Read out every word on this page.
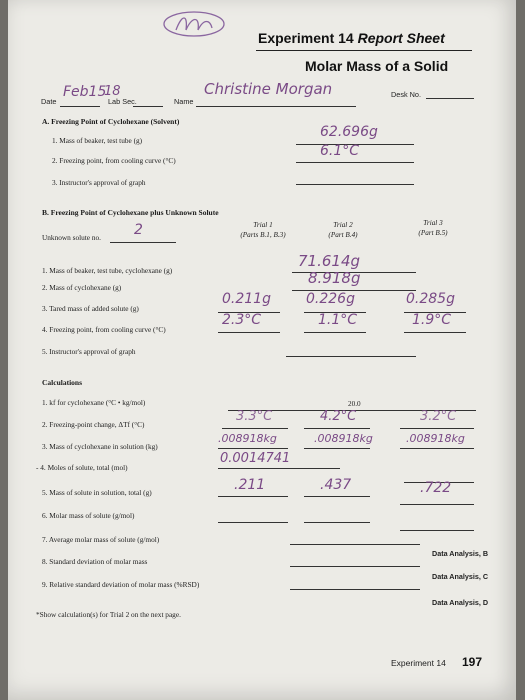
Experiment 14 Report Sheet
Molar Mass of a Solid
Date
Feb15
18
Lab Sec.	Name
Christine Morgan	Desk No.
A. Freezing Point of Cyclohexane (Solvent)
1. Mass of beaker, test tube (g)
62.696g
2. Freezing point, from cooling curve (°C)
6.1°C
3. Instructor's approval of graph
B. Freezing Point of Cyclohexane plus Unknown Solute
Unknown solute no. 2	Trial 1
(Parts B.1, B.3)
Trial 2
(Part B.4)
Trial 3
(Part B.5)
1. Mass of beaker, test tube, cyclohexane (g)
71.614g
2. Mass of cyclohexane (g)
8.918g
3. Tared mass of added solute (g)
0.211g	0.226g	0.285g
4. Freezing point, from cooling curve (°C)
2.3°C	1.1°C	1.9°C
5. Instructor's approval of graph
Calculations
1. kf for cyclohexane (°C • kg/mol)	20.0
2. Freezing-point change, ΔTf (°C)
3.3°C	4.2°C	3.2°C
3. Mass of cyclohexane in solution (kg)
.008918kg	.008918kg	.008918kg
- 4. Moles of solute, total (mol)
0.0014741
5. Mass of solute in solution, total (g)	.211	.437	.722
6. Molar mass of solute (g/mol)
7. Average molar mass of solute (g/mol)
Data Analysis, B
8. Standard deviation of molar mass
Data Analysis, C
9. Relative standard deviation of molar mass (%RSD)
Data Analysis, D
*Show calculation(s) for Trial 2 on the next page.
Experiment 14 197
